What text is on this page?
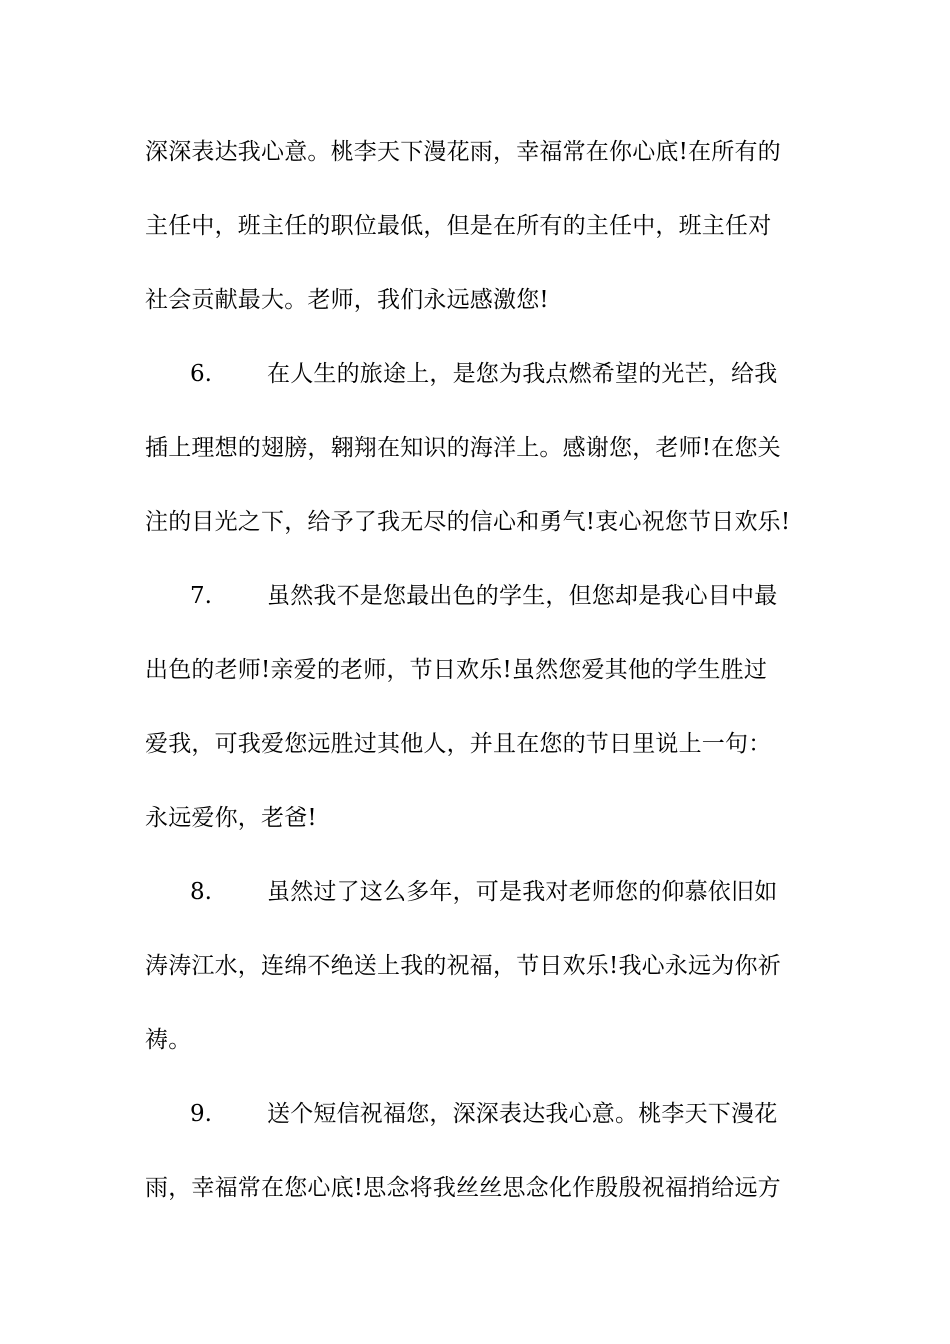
深深表达我心意。桃李天下漫花雨，幸福常在你心底!在所有的
主任中，班主任的职位最低，但是在所有的主任中，班主任对
社会贡献最大。老师，我们永远感激您!
6. 在人生的旅途上，是您为我点燃希望的光芒，给我
插上理想的翅膀，翱翔在知识的海洋上。感谢您，老师!在您关
注的目光之下，给予了我无尽的信心和勇气!衷心祝您节日欢乐!
7. 虽然我不是您最出色的学生，但您却是我心目中最
出色的老师!亲爱的老师，节日欢乐!虽然您爱其他的学生胜过
爱我，可我爱您远胜过其他人，并且在您的节日里说上一句：
永远爱你，老爸!
8. 虽然过了这么多年，可是我对老师您的仰慕依旧如
涛涛江水，连绵不绝送上我的祝福，节日欢乐!我心永远为你祈
祷。
9. 送个短信祝福您，深深表达我心意。桃李天下漫花
雨，幸福常在您心底!思念将我丝丝思念化作殷殷祝福捎给远方
